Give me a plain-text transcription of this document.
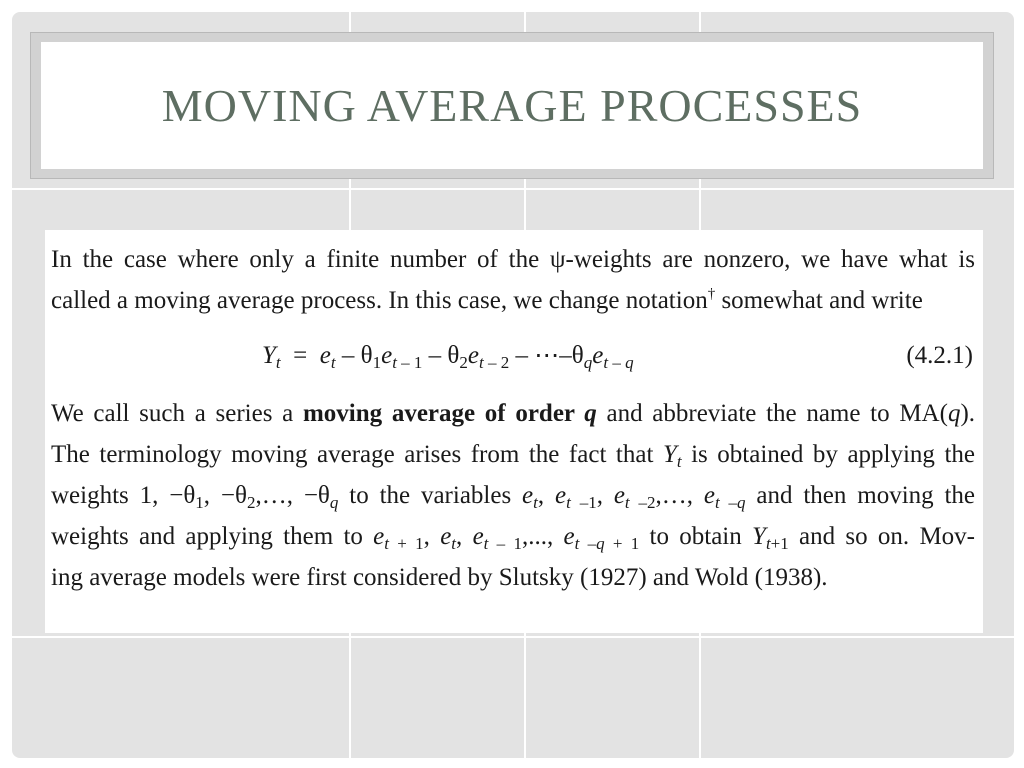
MOVING AVERAGE PROCESSES

In the case where only a finite number of the ψ-weights are nonzero, we have what is

called a moving average process. In this case, we change notation† somewhat and write

$Y_t = e_t - \theta_1e_t$ $_{- 1} - \theta_2e_t$ $_{- 2} - \cdots-\theta_qe_{t - q}$	(4.2.1)

We call such a series a moving average of order q and abbreviate the name to MA(q).

The terminology moving average arises from the fact that $Y_t$ is obtained by applying the

weights 1, $-\theta_1$, $-\theta_2,\dots$, $-\theta_q$ to the variables $e_t$, $e_t$ $_{-1}$, $e_t$ $_{-2}$,…, $e_{t -q}$ and then moving the

weights and applying them to $e_t$ $_{+ 1}$, $e_t$, $e_t$ $_{- 1}$,..., $e_t$ $_{-q + 1}$ to obtain $Y_{t+1}$ and so on. Mov-

ing average models were first considered by Slutsky (1927) and Wold (1938).
